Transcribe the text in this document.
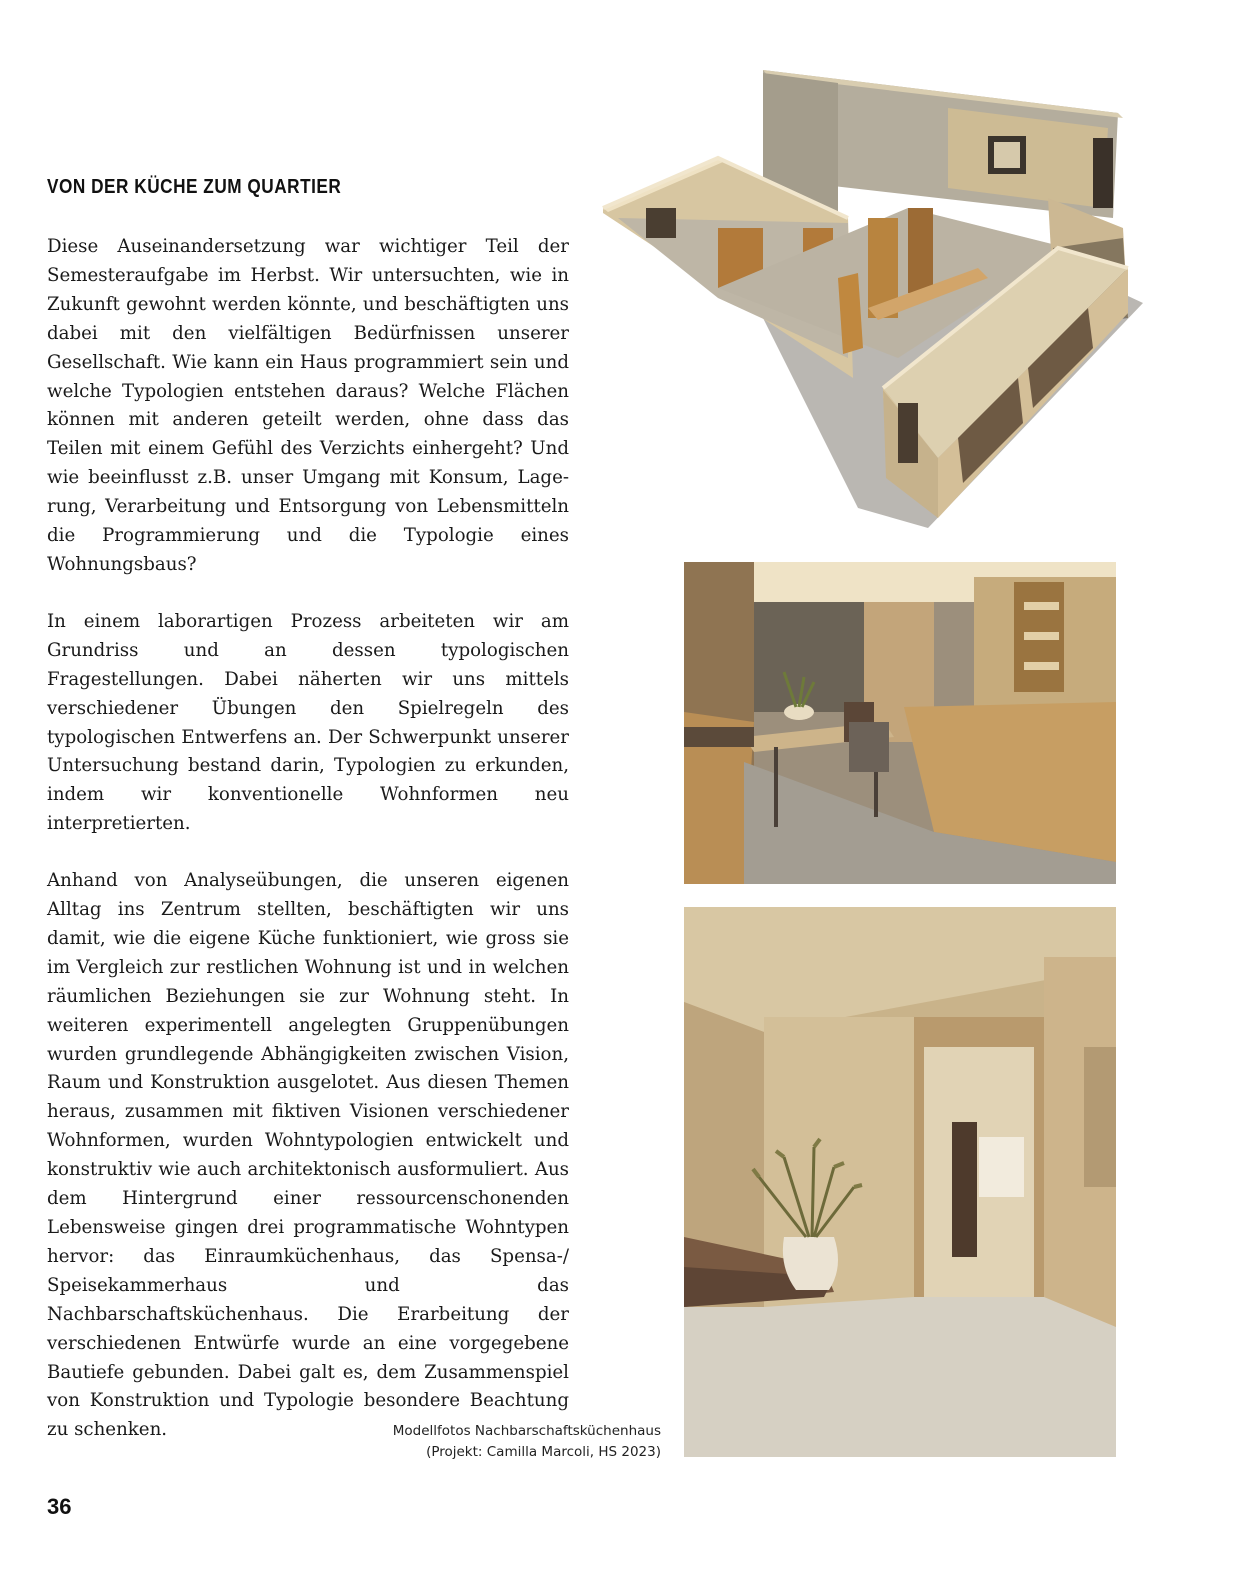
VON DER KÜCHE ZUM QUARTIER

Diese Auseinandersetzung war wichtiger Teil der Semesteraufgabe im Herbst. Wir untersuchten, wie in Zukunft gewohnt werden könnte, und beschäftigten uns dabei mit den vielfältigen Bedürfnissen unserer Gesellschaft. Wie kann ein Haus programmiert sein und welche Typologien entstehen daraus? Welche Flächen können mit anderen geteilt werden, ohne dass das Teilen mit einem Gefühl des Verzichts einhergeht? Und wie beeinflusst z.B. unser Umgang mit Konsum, Lagerung, Verarbeitung und Entsorgung von Lebensmitteln die Programmierung und die Typologie eines Wohnungsbaus?

In einem laborartigen Prozess arbeiteten wir am Grundriss und an dessen typologischen Fragestellungen. Dabei näherten wir uns mittels verschiedener Übungen den Spielregeln des typologischen Entwerfens an. Der Schwerpunkt unserer Untersuchung bestand darin, Typologien zu erkunden, indem wir konventionelle Wohnformen neu interpretierten.

Anhand von Analyseübungen, die unseren eigenen Alltag ins Zentrum stellten, beschäftigten wir uns damit, wie die eigene Küche funktioniert, wie gross sie im Vergleich zur restlichen Wohnung ist und in welchen räumlichen Beziehungen sie zur Wohnung steht. In weiteren experimentell angelegten Gruppenübungen wurden grundlegende Abhängigkeiten zwischen Vision, Raum und Konstruktion ausgelotet. Aus diesen Themen heraus, zusammen mit fiktiven Visionen verschiedener Wohnformen, wurden Wohntypologien entwickelt und konstruktiv wie auch architektonisch ausformuliert. Aus dem Hintergrund einer ressourcenschonenden Lebensweise gingen drei programmatische Wohntypen hervor: das Einraumküchenhaus, das Spensa-/ Speisekammerhaus und das Nachbarschaftsküchenhaus. Die Erarbeitung der verschiedenen Entwürfe wurde an eine vorgegebene Bautiefe gebunden. Dabei galt es, dem Zusammenspiel von Konstruktion und Typologie besondere Beachtung zu schenken.	Modellfotos Nachbarschaftsküchenhaus
(Projekt: Camilla Marcoli, HS 2023)
36
